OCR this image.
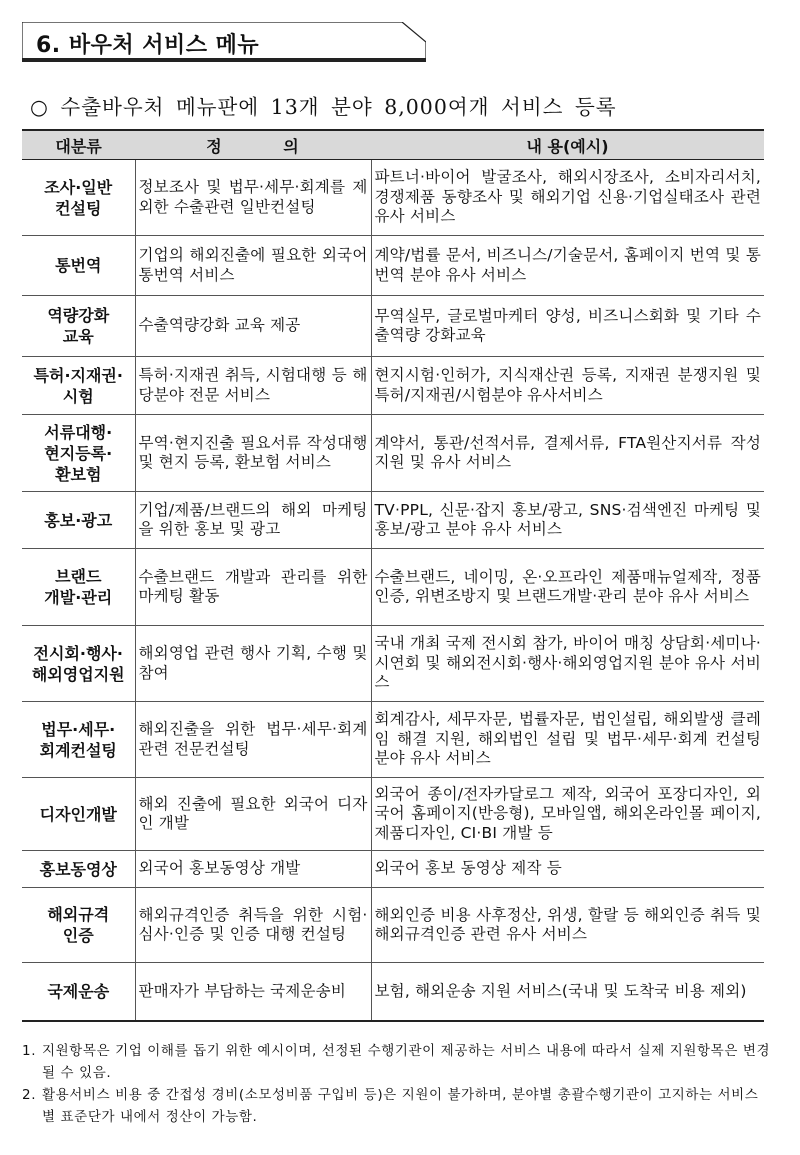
6. 바우처 서비스 메뉴
○ 수출바우처 메뉴판에 13개 분야 8,000여개 서비스 등록
대분류	정 의	내 용(예시)

조사·일반
컨설팅	정보조사 및 법무·세무·회계를 제외한 수출관련 일반컨설팅	파트너·바이어 발굴조사, 해외시장조사, 소비자리서치, 경쟁제품 동향조사 및 해외기업 신용·기업실태조사 관련 유사 서비스

통번역	기업의 해외진출에 필요한 외국어 통번역 서비스	계약/법률 문서, 비즈니스/기술문서, 홈페이지 번역 및 통번역 분야 유사 서비스

역량강화
교육	수출역량강화 교육 제공	무역실무, 글로벌마케터 양성, 비즈니스회화 및 기타 수출역량 강화교육

특허·지재권·
시험	특허·지재권 취득, 시험대행 등 해당분야 전문 서비스	현지시험·인허가, 지식재산권 등록, 지재권 분쟁지원 및 특허/지재권/시험분야 유사서비스

서류대행·
현지등록·
환보험	무역·현지진출 필요서류 작성대행 및 현지 등록, 환보험 서비스	계약서, 통관/선적서류, 결제서류, FTA원산지서류 작성 지원 및 유사 서비스

홍보·광고	기업/제품/브랜드의 해외 마케팅을 위한 홍보 및 광고	TV·PPL, 신문·잡지 홍보/광고, SNS·검색엔진 마케팅 및 홍보/광고 분야 유사 서비스

브랜드
개발·관리	수출브랜드 개발과 관리를 위한 마케팅 활동	수출브랜드, 네이밍, 온·오프라인 제품매뉴얼제작, 정품인증, 위변조방지 및 브랜드개발·관리 분야 유사 서비스

전시회·행사·
해외영업지원	해외영업 관련 행사 기획, 수행 및 참여	국내 개최 국제 전시회 참가, 바이어 매칭 상담회·세미나·시연회 및 해외전시회·행사·해외영업지원 분야 유사 서비스

법무·세무·
회계컨설팅	해외진출을 위한 법무·세무·회계 관련 전문컨설팅	회계감사, 세무자문, 법률자문, 법인설립, 해외발생 클레임 해결 지원, 해외법인 설립 및 법무·세무·회계 컨설팅 분야 유사 서비스

디자인개발	해외 진출에 필요한 외국어 디자인 개발	외국어 종이/전자카달로그 제작, 외국어 포장디자인, 외국어 홈페이지(반응형), 모바일앱, 해외온라인몰 페이지, 제품디자인, CI·BI 개발 등

홍보동영상	외국어 홍보동영상 개발	외국어 홍보 동영상 제작 등

해외규격
인증	해외규격인증 취득을 위한 시험·심사·인증 및 인증 대행 컨설팅	해외인증 비용 사후정산, 위생, 할랄 등 해외인증 취득 및 해외규격인증 관련 유사 서비스

국제운송	판매자가 부담하는 국제운송비	보험, 해외운송 지원 서비스(국내 및 도착국 비용 제외)
1. 지원항목은 기업 이해를 돕기 위한 예시이며, 선정된 수행기관이 제공하는 서비스 내용에 따라서 실제 지원항목은 변경될 수 있음.
2. 활용서비스 비용 중 간접성 경비(소모성비품 구입비 등)은 지원이 불가하며, 분야별 총괄수행기관이 고지하는 서비스별 표준단가 내에서 정산이 가능함.
